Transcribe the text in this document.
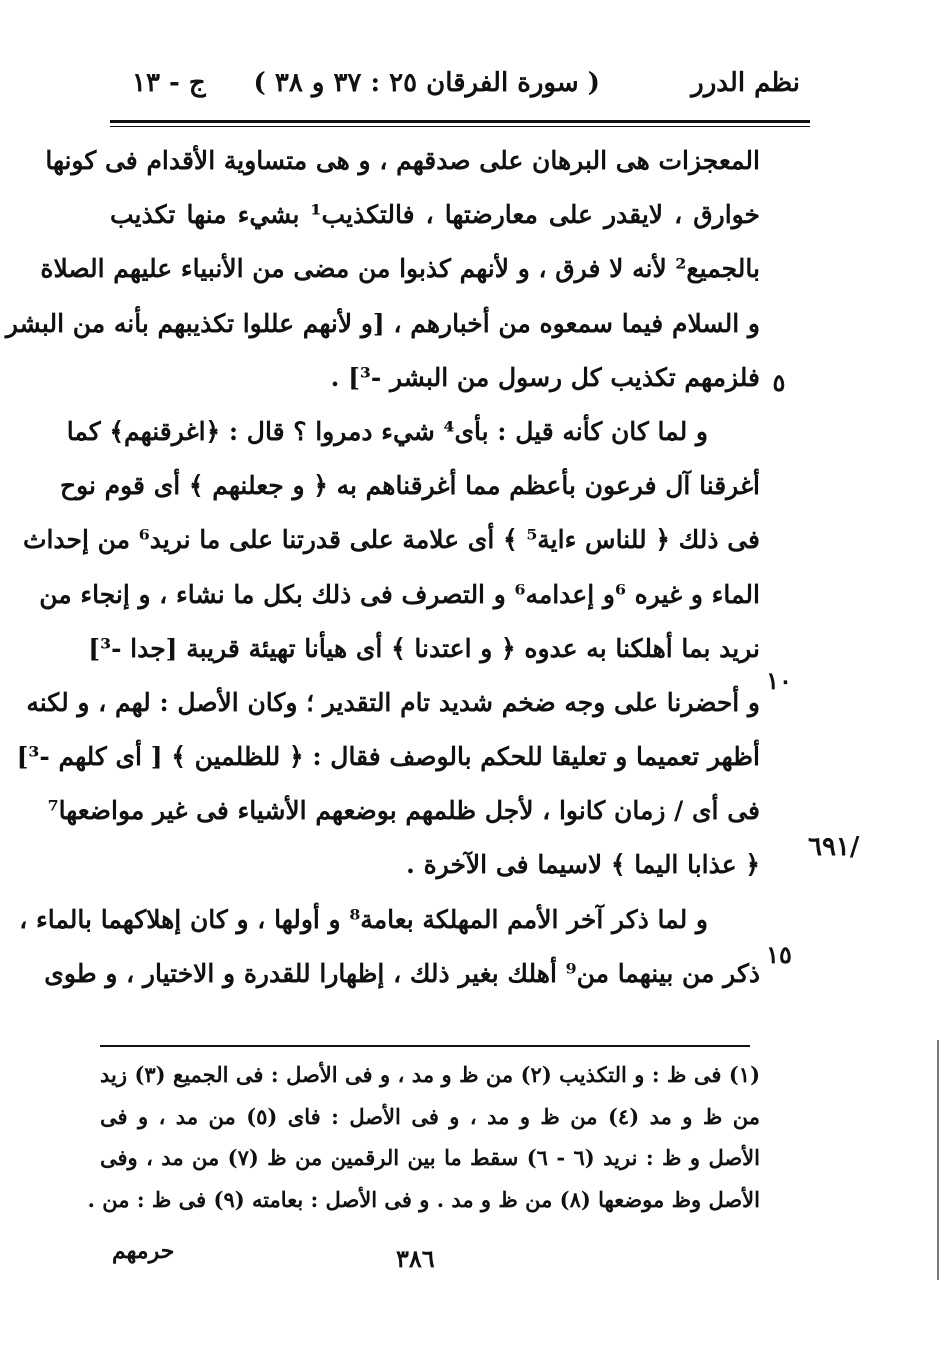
نظم الدرر
( سورة الفرقان ٢٥ : ٣٧ و ٣٨ )
ج - ١٣
المعجزات هى البرهان على صدقهم ، و هى متساوية الأقدام فى كونها
خوارق ، لايقدر على معارضتها ، فالتكذيب¹ بشيء منها تكذيب
بالجميع² لأنه لا فرق ، و لأنهم كذبوا من مضى من الأنبياء عليهم الصلاة
و السلام فيما سمعوه من أخبارهم ، [و لأنهم عللوا تكذيبهم بأنه من البشر
فلزمهم تكذيب كل رسول من البشر -³] .
و لما كان كأنه قيل : بأى⁴ شيء دمروا ؟ قال : ﴿اغرقنهم﴾ كما
أغرقنا آل فرعون بأعظم مما أغرقناهم به ﴿ و جعلنهم ﴾ أى قوم نوح
فى ذلك ﴿ للناس ءاية⁵ ﴾ أى علامة على قدرتنا على ما نريد⁶ من إحداث
الماء و غيره ⁶و إعدامه⁶ و التصرف فى ذلك بكل ما نشاء ، و إنجاء من
نريد بما أهلكنا به عدوه ﴿ و اعتدنا ﴾ أى هيأنا تهيئة قريبة [جدا -³]
و أحضرنا على وجه ضخم شديد تام التقدير ؛ وكان الأصل : لهم ، و لكنه
أظهر تعميما و تعليقا للحكم بالوصف فقال : ﴿ للظلمين ﴾ [ أى كلهم -³]
فى أى / زمان كانوا ، لأجل ظلمهم بوضعهم الأشياء فى غير مواضعها⁷
﴿ عذابا اليما ﴾ لاسيما فى الآخرة .
و لما ذكر آخر الأمم المهلكة بعامة⁸ و أولها ، و كان إهلاكهما بالماء ،
ذكر من بينهما من⁹ أهلك بغير ذلك ، إظهارا للقدرة و الاختيار ، و طوى
٥
١٠
١٥
٦٩١/
(١) فى ظ : و التكذيب (٢) من ظ و مد ، و فى الأصل : فى الجميع (٣) زيد
من ظ و مد (٤) من ظ و مد ، و فى الأصل : فاى (٥) من مد ، و فى
الأصل و ظ : نريد (٦ - ٦) سقط ما بين الرقمين من ظ (٧) من مد ، وفى
الأصل وظ موضعها (٨) من ظ و مد . و فى الأصل : بعامته (٩) فى ظ : من .
حرمهم	٣٨٦
